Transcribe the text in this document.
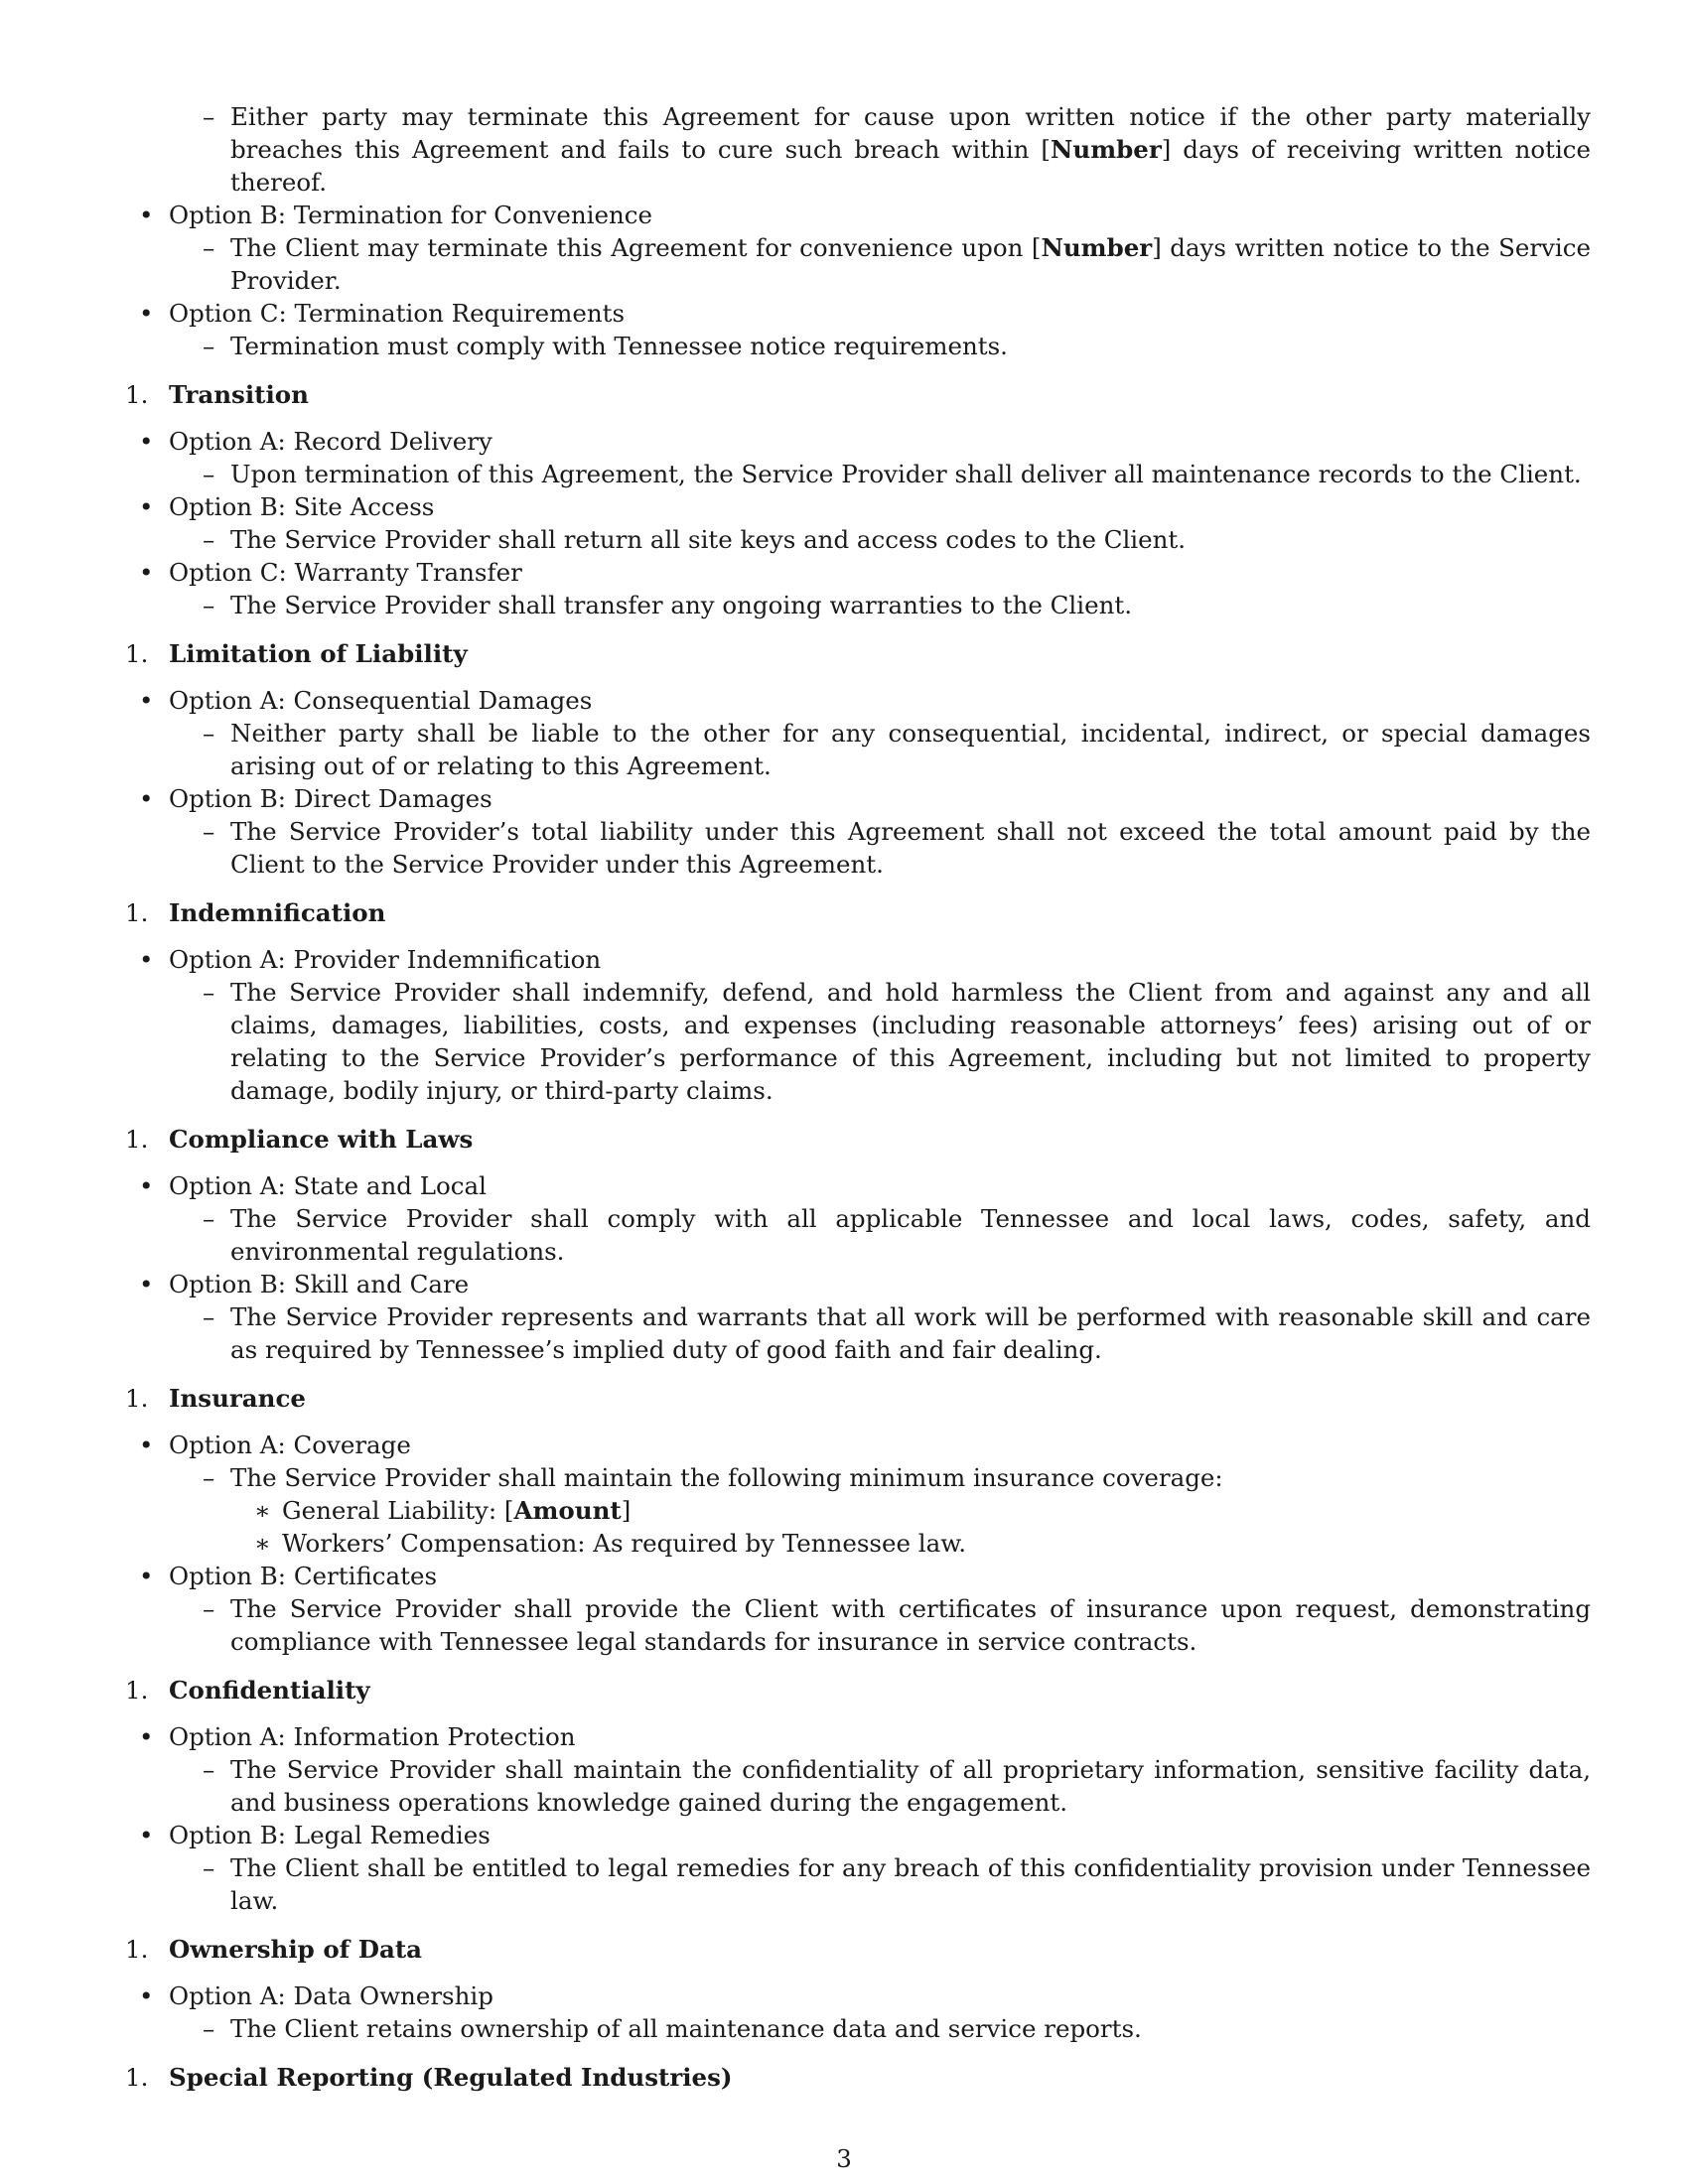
– Either party may terminate this Agreement for cause upon written notice if the other party materially breaches this Agreement and fails to cure such breach within [Number] days of receiving written notice thereof.
• Option B: Termination for Convenience
– The Client may terminate this Agreement for convenience upon [Number] days written notice to the Service Provider.
• Option C: Termination Requirements
– Termination must comply with Tennessee notice requirements.
1. Transition
• Option A: Record Delivery
– Upon termination of this Agreement, the Service Provider shall deliver all maintenance records to the Client.
• Option B: Site Access
– The Service Provider shall return all site keys and access codes to the Client.
• Option C: Warranty Transfer
– The Service Provider shall transfer any ongoing warranties to the Client.
1. Limitation of Liability
• Option A: Consequential Damages
– Neither party shall be liable to the other for any consequential, incidental, indirect, or special damages arising out of or relating to this Agreement.
• Option B: Direct Damages
– The Service Provider’s total liability under this Agreement shall not exceed the total amount paid by the Client to the Service Provider under this Agreement.
1. Indemnification
• Option A: Provider Indemnification
– The Service Provider shall indemnify, defend, and hold harmless the Client from and against any and all claims, damages, liabilities, costs, and expenses (including reasonable attorneys’ fees) arising out of or relating to the Service Provider’s performance of this Agreement, including but not limited to property damage, bodily injury, or third-party claims.
1. Compliance with Laws
• Option A: State and Local
– The Service Provider shall comply with all applicable Tennessee and local laws, codes, safety, and environmental regulations.
• Option B: Skill and Care
– The Service Provider represents and warrants that all work will be performed with reasonable skill and care as required by Tennessee’s implied duty of good faith and fair dealing.
1. Insurance
• Option A: Coverage
– The Service Provider shall maintain the following minimum insurance coverage:
∗ General Liability: [Amount]
∗ Workers’ Compensation: As required by Tennessee law.
• Option B: Certificates
– The Service Provider shall provide the Client with certificates of insurance upon request, demonstrating compliance with Tennessee legal standards for insurance in service contracts.
1. Confidentiality
• Option A: Information Protection
– The Service Provider shall maintain the confidentiality of all proprietary information, sensitive facility data, and business operations knowledge gained during the engagement.
• Option B: Legal Remedies
– The Client shall be entitled to legal remedies for any breach of this confidentiality provision under Tennessee law.
1. Ownership of Data
• Option A: Data Ownership
– The Client retains ownership of all maintenance data and service reports.
1. Special Reporting (Regulated Industries)
3
